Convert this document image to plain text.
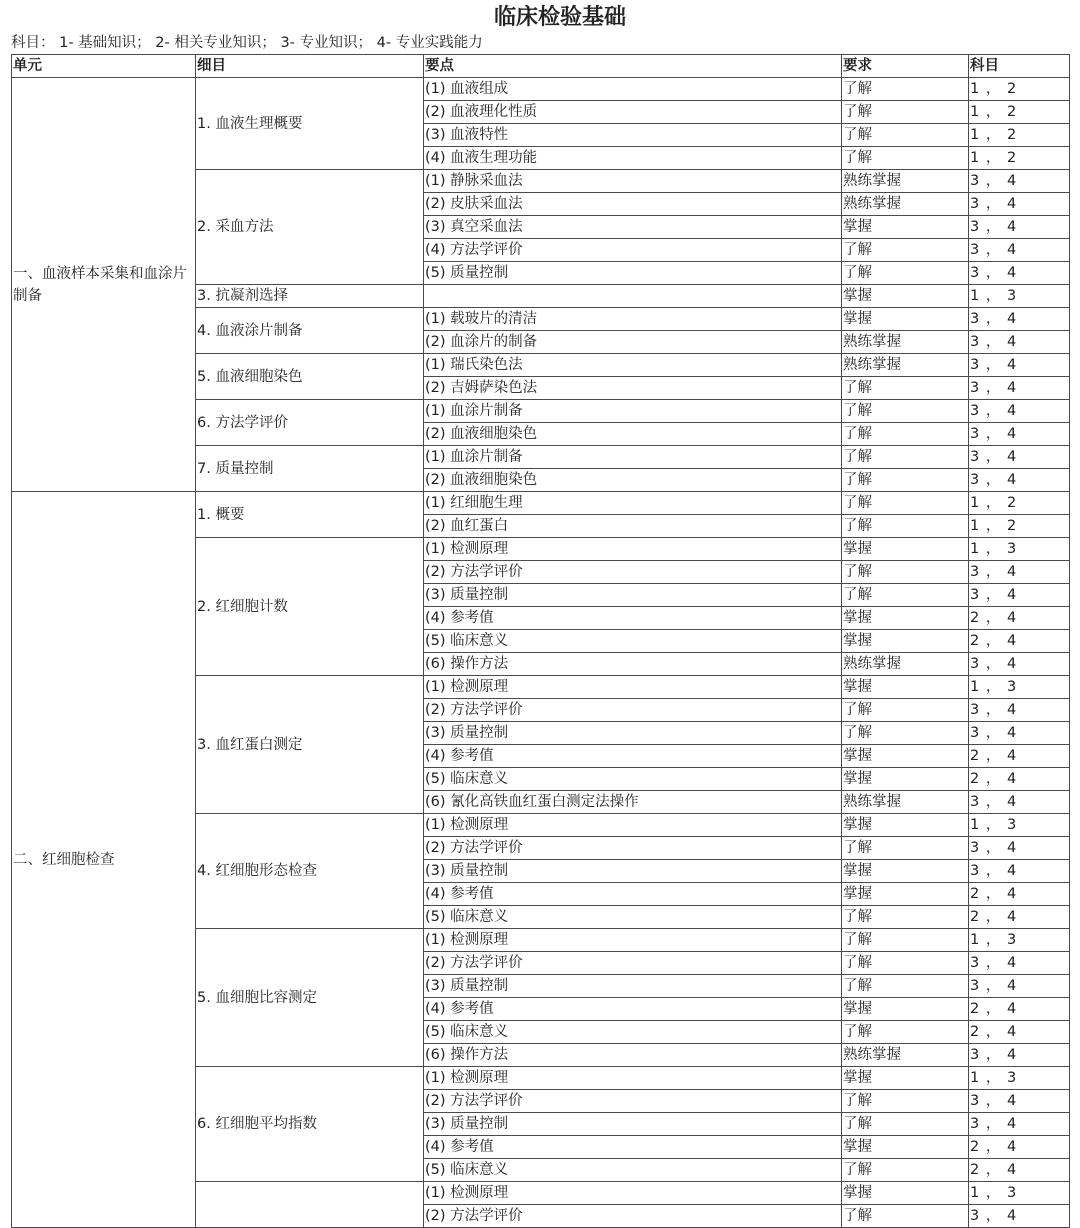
临床检验基础
科目： 1- 基础知识； 2- 相关专业知识； 3- 专业知识； 4- 专业实践能力
单元	细目	要点	要求	科目
一、血液样本采集和血涂片制备	1. 血液生理概要	(1) 血液组成	了解	1 ， 2
		(2) 血液理化性质	了解	1 ， 2
		(3) 血液特性	了解	1 ， 2
		(4) 血液生理功能	了解	1 ， 2
	2. 采血方法	(1) 静脉采血法	熟练掌握	3 ， 4
		(2) 皮肤采血法	熟练掌握	3 ， 4
		(3) 真空采血法	掌握	3 ， 4
		(4) 方法学评价	了解	3 ， 4
		(5) 质量控制	了解	3 ， 4
	3. 抗凝剂选择		掌握	1 ， 3
	4. 血液涂片制备	(1) 载玻片的清洁	掌握	3 ， 4
		(2) 血涂片的制备	熟练掌握	3 ， 4
	5. 血液细胞染色	(1) 瑞氏染色法	熟练掌握	3 ， 4
		(2) 吉姆萨染色法	了解	3 ， 4
	6. 方法学评价	(1) 血涂片制备	了解	3 ， 4
		(2) 血液细胞染色	了解	3 ， 4
	7. 质量控制	(1) 血涂片制备	了解	3 ， 4
		(2) 血液细胞染色	了解	3 ， 4
二、红细胞检查	1. 概要	(1) 红细胞生理	了解	1 ， 2
		(2) 血红蛋白	了解	1 ， 2
	2. 红细胞计数	(1) 检测原理	掌握	1 ， 3
		(2) 方法学评价	了解	3 ， 4
		(3) 质量控制	了解	3 ， 4
		(4) 参考值	掌握	2 ， 4
		(5) 临床意义	掌握	2 ， 4
		(6) 操作方法	熟练掌握	3 ， 4
	3. 血红蛋白测定	(1) 检测原理	掌握	1 ， 3
		(2) 方法学评价	了解	3 ， 4
		(3) 质量控制	了解	3 ， 4
		(4) 参考值	掌握	2 ， 4
		(5) 临床意义	掌握	2 ， 4
		(6) 氰化高铁血红蛋白测定法操作	熟练掌握	3 ， 4
	4. 红细胞形态检查	(1) 检测原理	掌握	1 ， 3
		(2) 方法学评价	了解	3 ， 4
		(3) 质量控制	掌握	3 ， 4
		(4) 参考值	掌握	2 ， 4
		(5) 临床意义	了解	2 ， 4
	5. 血细胞比容测定	(1) 检测原理	了解	1 ， 3
		(2) 方法学评价	了解	3 ， 4
		(3) 质量控制	了解	3 ， 4
		(4) 参考值	掌握	2 ， 4
		(5) 临床意义	了解	2 ， 4
		(6) 操作方法	熟练掌握	3 ， 4
	6. 红细胞平均指数	(1) 检测原理	掌握	1 ， 3
		(2) 方法学评价	了解	3 ， 4
		(3) 质量控制	了解	3 ， 4
		(4) 参考值	掌握	2 ， 4
		(5) 临床意义	了解	2 ， 4
		(1) 检测原理	掌握	1 ， 3
		(2) 方法学评价	了解	3 ， 4
